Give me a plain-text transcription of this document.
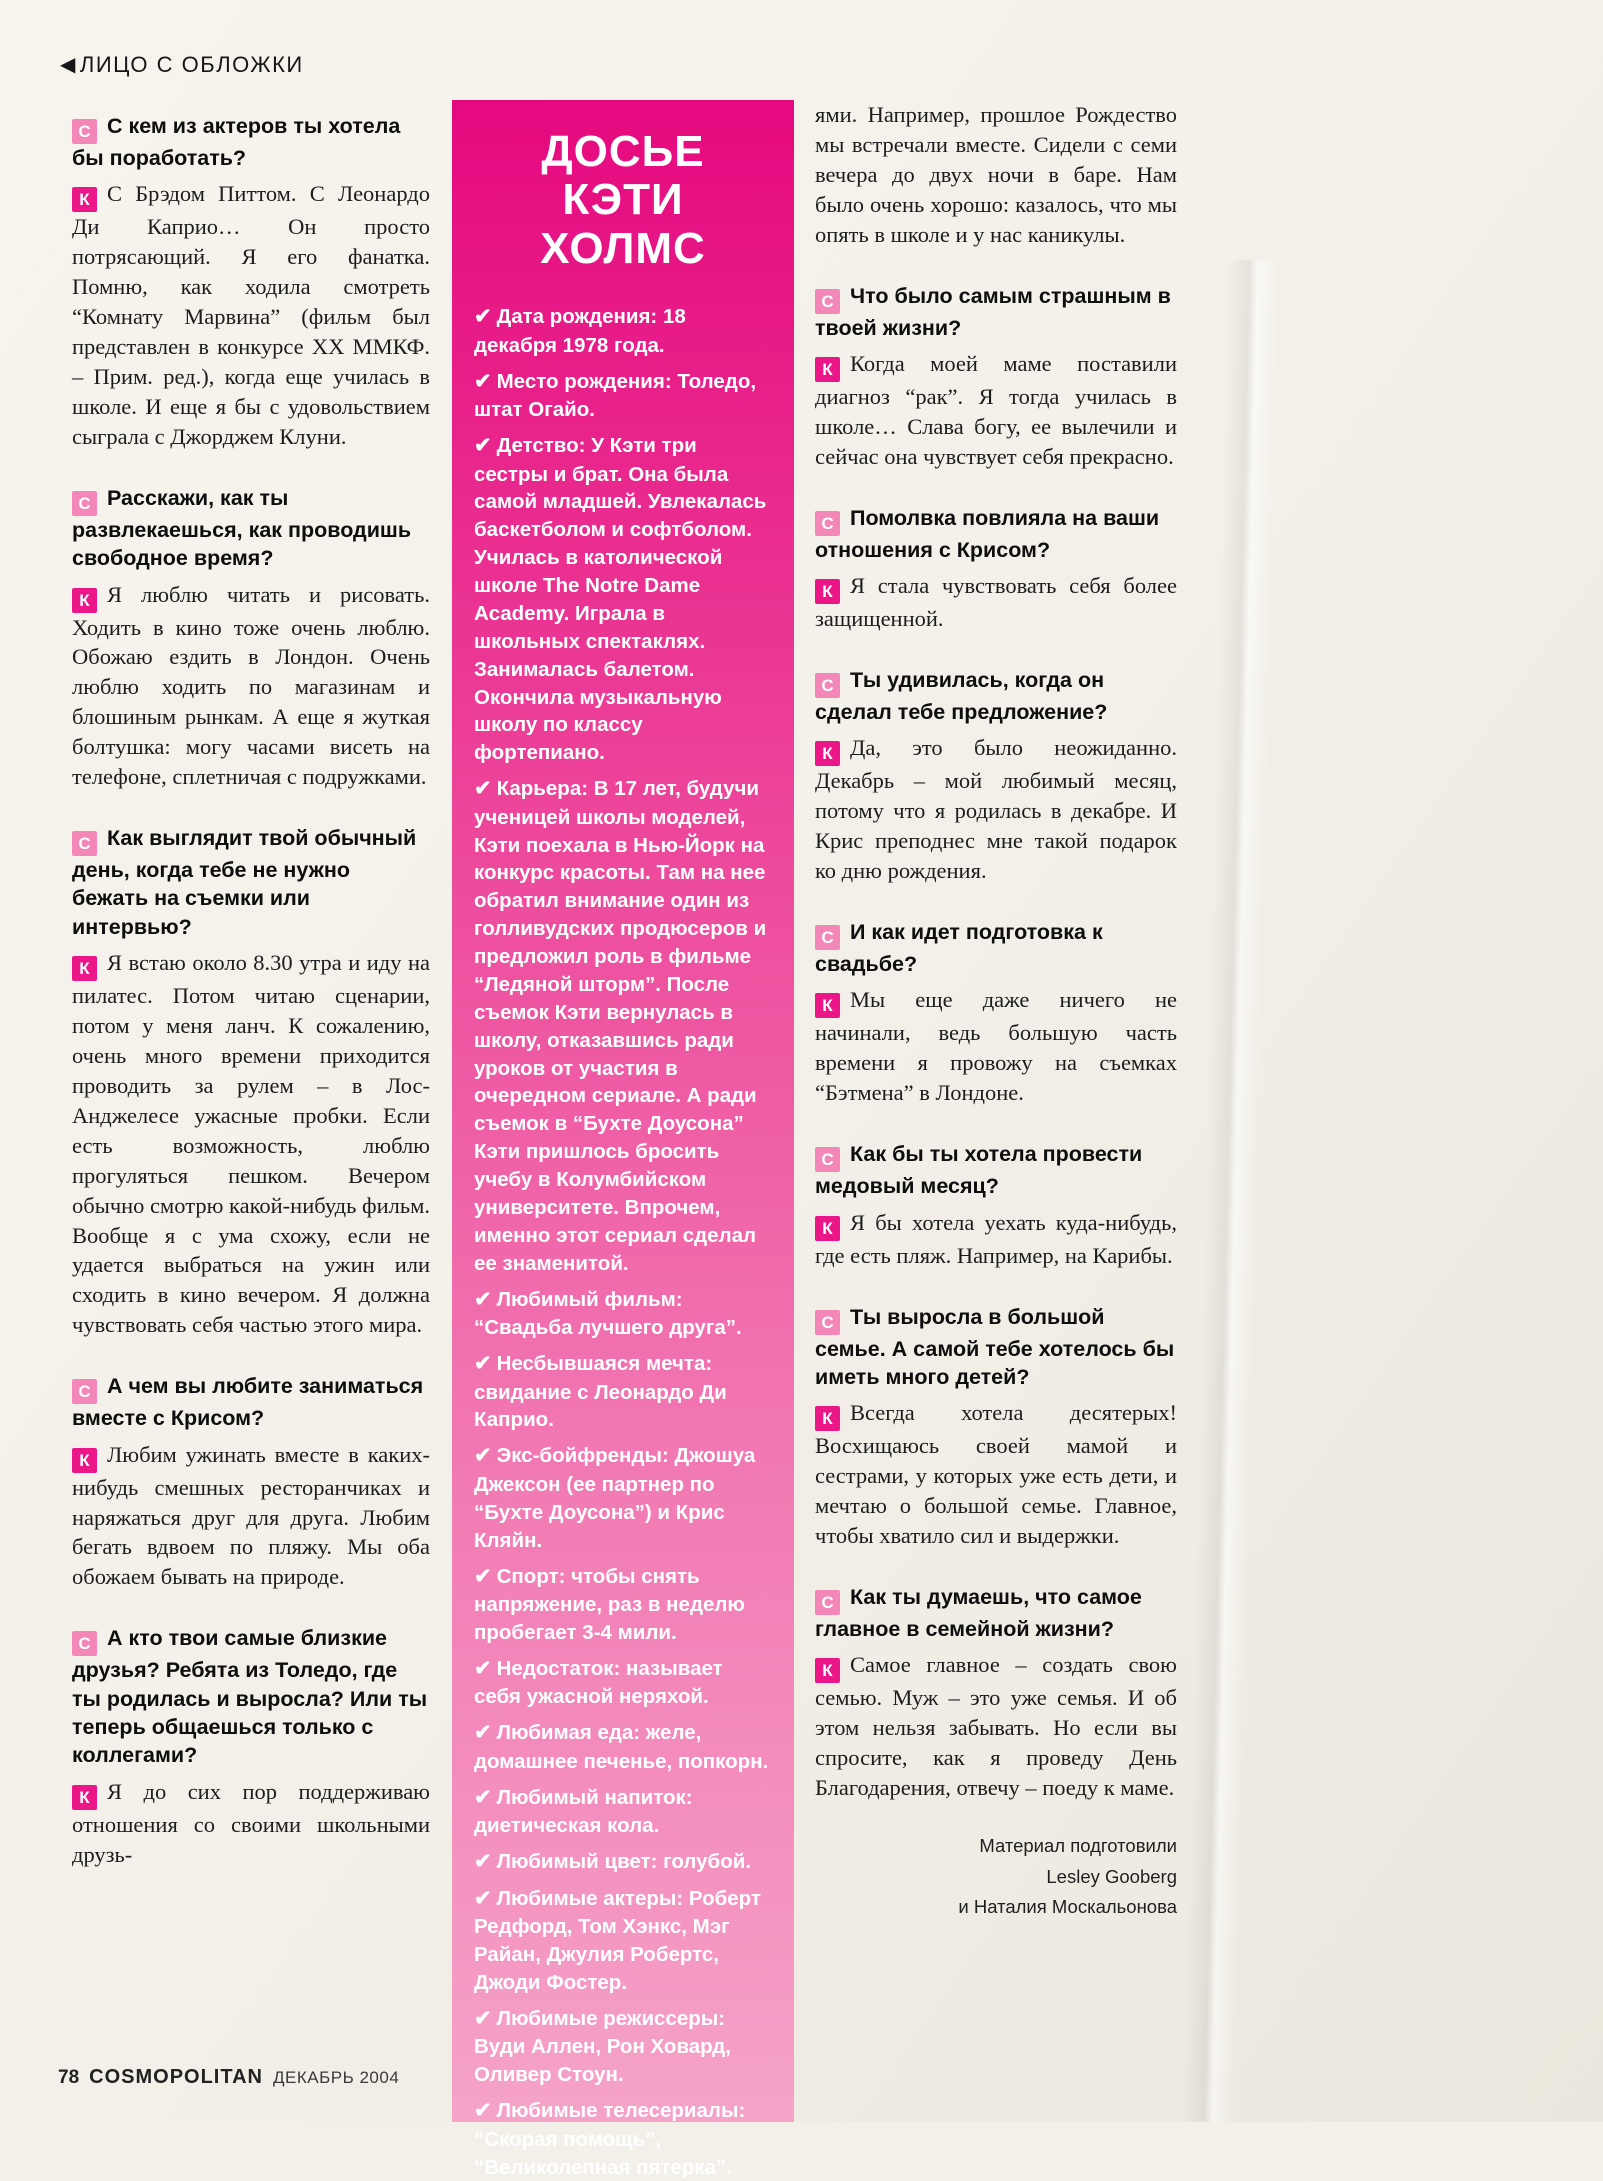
◀ ЛИЦО С ОБЛОЖКИ

С С кем из актеров ты хотела бы поработать?

К С Брэдом Питтом. С Леонардо Ди Каприо… Он просто потрясающий. Я его фанатка. Помню, как ходила смотреть “Комнату Марвина” (фильм был представлен в конкурсе XX ММКФ. – Прим. ред.), когда еще училась в школе. И еще я бы с удовольствием сыграла с Джорджем Клуни.

С Расскажи, как ты развлекаешься, как проводишь свободное время?

К Я люблю читать и рисовать. Ходить в кино тоже очень люблю. Обожаю ездить в Лондон. Очень люблю ходить по магазинам и блошиным рынкам. А еще я жуткая болтушка: могу часами висеть на телефоне, сплетничая с подружками.

С Как выглядит твой обычный день, когда тебе не нужно бежать на съемки или интервью?

К Я встаю около 8.30 утра и иду на пилатес. Потом читаю сценарии, потом у меня ланч. К сожалению, очень много времени приходится проводить за рулем – в Лос-Анджелесе ужасные пробки. Если есть возможность, люблю прогуляться пешком. Вечером обычно смотрю какой-нибудь фильм. Вообще я с ума схожу, если не удается выбраться на ужин или сходить в кино вечером. Я должна чувствовать себя частью этого мира.

С А чем вы любите заниматься вместе с Крисом?

К Любим ужинать вместе в каких-нибудь смешных ресторанчиках и наряжаться друг для друга. Любим бегать вдвоем по пляжу. Мы оба обожаем бывать на природе.

С А кто твои самые близкие друзья? Ребята из Толедо, где ты родилась и выросла? Или ты теперь общаешься только с коллегами?

К Я до сих пор поддерживаю отношения со своими школьными друзь-

ДОСЬЕ
КЭТИ ХОЛМС
✔ Дата рождения: 18 декабря 1978 года.
✔ Место рождения: Толедо, штат Огайо.
✔ Детство: У Кэти три сестры и брат. Она была самой младшей. Увлекалась баскетболом и софтболом. Училась в католической школе The Notre Dame Academy. Играла в школьных спектаклях. Занималась балетом. Окончила музыкальную школу по классу фортепиано.
✔ Карьера: В 17 лет, будучи ученицей школы моделей, Кэти поехала в Нью-Йорк на конкурс красоты. Там на нее обратил внимание один из голливудских продюсеров и предложил роль в фильме “Ледяной шторм”. После съемок Кэти вернулась в школу, отказавшись ради уроков от участия в очередном сериале. А ради съемок в “Бухте Доусона” Кэти пришлось бросить учебу в Колумбийском университете. Впрочем, именно этот сериал сделал ее знаменитой.
✔ Любимый фильм: “Свадьба лучшего друга”.
✔ Несбывшаяся мечта: свидание с Леонардо Ди Каприо.
✔ Экс-бойфренды: Джошуа Джексон (ее партнер по “Бухте Доусона”) и Крис Кляйн.
✔ Спорт: чтобы снять напряжение, раз в неделю пробегает 3-4 мили.
✔ Недостаток: называет себя ужасной неряхой.
✔ Любимая еда: желе, домашнее печенье, попкорн.
✔ Любимый напиток: диетическая кола.
✔ Любимый цвет: голубой.
✔ Любимые актеры: Роберт Редфорд, Том Хэнкс, Мэг Райан, Джулия Робертс, Джоди Фостер.
✔ Любимые режиссеры: Вуди Аллен, Рон Ховард, Оливер Стоун.
✔ Любимые телесериалы: “Скорая помощь”, “Великолепная пятерка”.

ями. Например, прошлое Рождество мы встречали вместе. Сидели с семи вечера до двух ночи в баре. Нам было очень хорошо: казалось, что мы опять в школе и у нас каникулы.

С Что было самым страшным в твоей жизни?

К Когда моей маме поставили диагноз “рак”. Я тогда училась в школе… Слава богу, ее вылечили и сейчас она чувствует себя прекрасно.

С Помолвка повлияла на ваши отношения с Крисом?

К Я стала чувствовать себя более защищенной.

С Ты удивилась, когда он сделал тебе предложение?

К Да, это было неожиданно. Декабрь – мой любимый месяц, потому что я родилась в декабре. И Крис преподнес мне такой подарок ко дню рождения.

С И как идет подготовка к свадьбе?

К Мы еще даже ничего не начинали, ведь большую часть времени я провожу на съемках “Бэтмена” в Лондоне.

С Как бы ты хотела провести медовый месяц?

К Я бы хотела уехать куда-нибудь, где есть пляж. Например, на Карибы.

С Ты выросла в большой семье. А самой тебе хотелось бы иметь много детей?

К Всегда хотела десятерых! Восхищаюсь своей мамой и сестрами, у которых уже есть дети, и мечтаю о большой семье. Главное, чтобы хватило сил и выдержки.

С Как ты думаешь, что самое главное в семейной жизни?

К Самое главное – создать свою семью. Муж – это уже семья. И об этом нельзя забывать. Но если вы спросите, как я проведу День Благодарения, отвечу – поеду к маме.

Материал подготовили
Lesley Gooberg
и Наталия Москальонова
78 COSMOPOLITAN ДЕКАБРЬ 2004
